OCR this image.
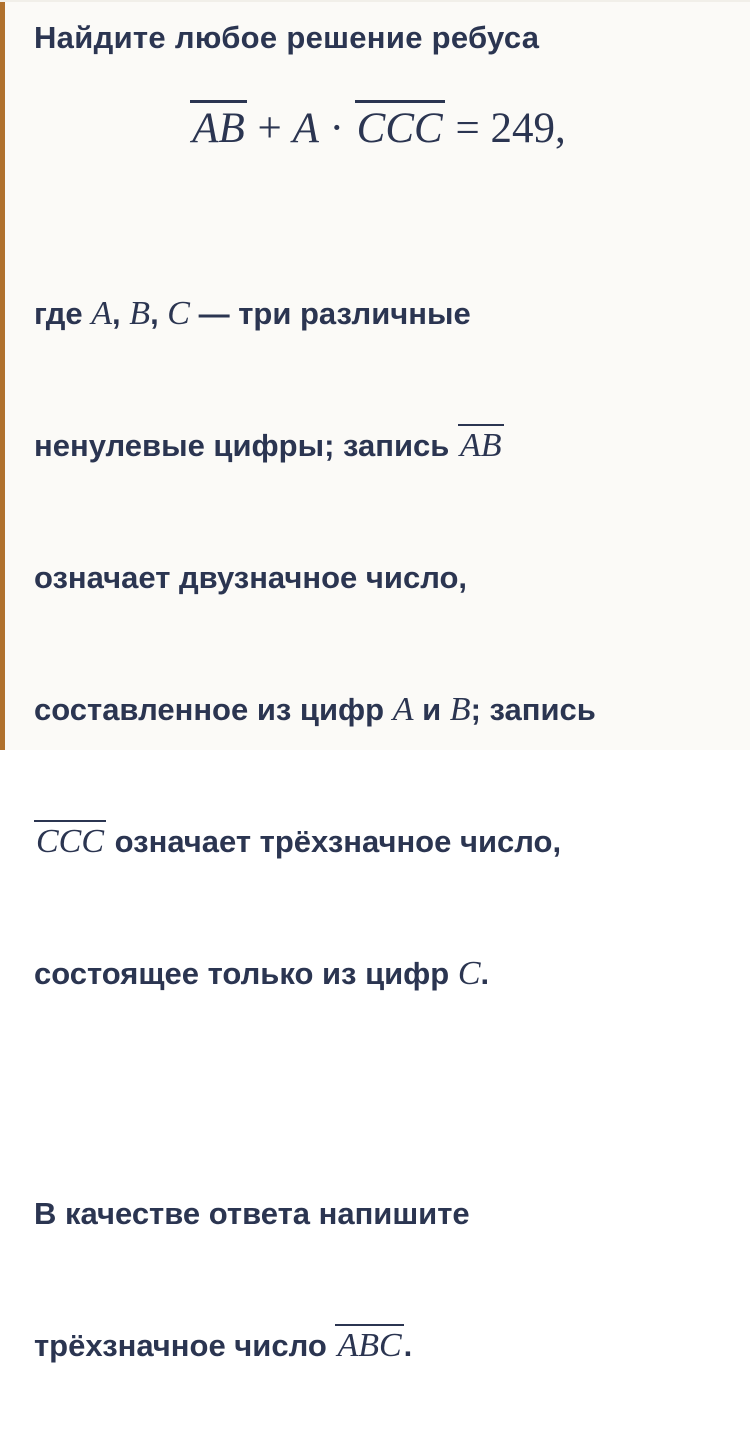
Найдите любое решение ребуса
AB + A · CCC = 249,

где A, B, C — три различные

ненулевые цифры; запись AB

означает двузначное число,

составленное из цифр A и B; запись

CCC означает трёхзначное число,

состоящее только из цифр C.

В качестве ответа напишите

трёхзначное число ABC.
